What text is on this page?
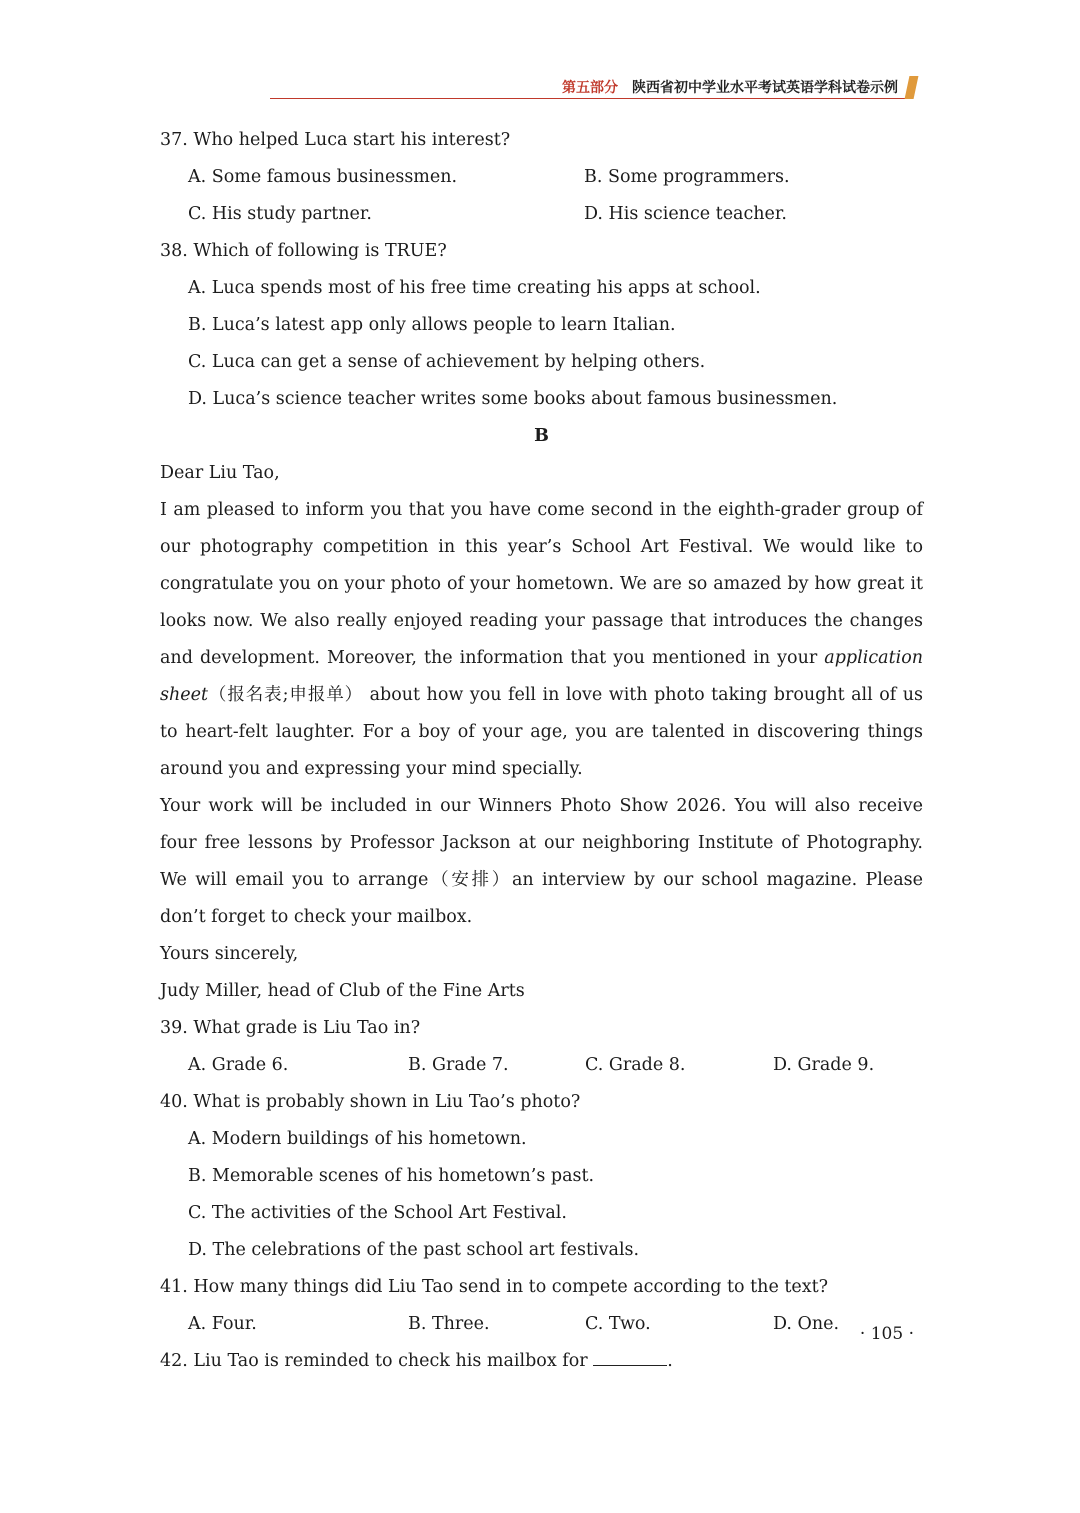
第五部分 陕西省初中学业水平考试英语学科试卷示例
37. Who helped Luca start his interest?
A. Some famous businessmen.	B. Some programmers.
C. His study partner.	D. His science teacher.
38. Which of following is TRUE?
A. Luca spends most of his free time creating his apps at school.
B. Luca’s latest app only allows people to learn Italian.
C. Luca can get a sense of achievement by helping others.
D. Luca’s science teacher writes some books about famous businessmen.
B
Dear Liu Tao,
I am pleased to inform you that you have come second in the eighth-grader group of our photography competition in this year’s School Art Festival. We would like to congratulate you on your photo of your hometown. We are so amazed by how great it looks now. We also really enjoyed reading your passage that introduces the changes and development. Moreover, the information that you mentioned in your application sheet（报名表;申报单） about how you fell in love with photo taking brought all of us to heart-felt laughter. For a boy of your age, you are talented in discovering things around you and expressing your mind specially.
Your work will be included in our Winners Photo Show 2026. You will also receive four free lessons by Professor Jackson at our neighboring Institute of Photography. We will email you to arrange（安排）an interview by our school magazine. Please don’t forget to check your mailbox.
Yours sincerely,
Judy Miller, head of Club of the Fine Arts
39. What grade is Liu Tao in?
A. Grade 6.	B. Grade 7.	C. Grade 8.	D. Grade 9.
40. What is probably shown in Liu Tao’s photo?
A. Modern buildings of his hometown.
B. Memorable scenes of his hometown’s past.
C. The activities of the School Art Festival.
D. The celebrations of the past school art festivals.
41. How many things did Liu Tao send in to compete according to the text?
A. Four.	B. Three.	C. Two.	D. One.
42. Liu Tao is reminded to check his mailbox for	.
· 105 ·
